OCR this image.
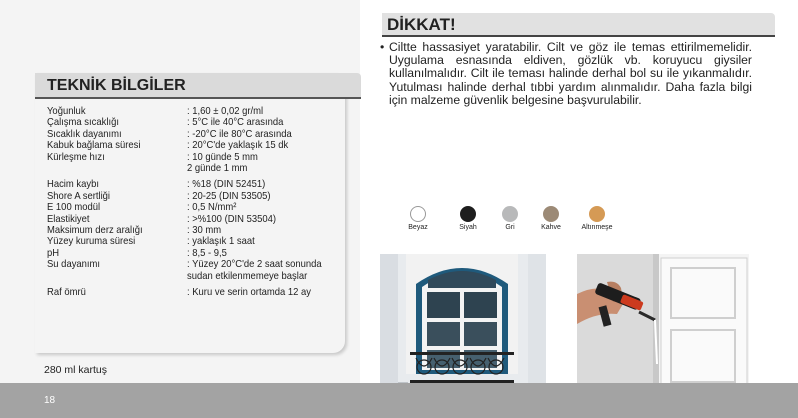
TEKNİK BİLGİLER
Yoğunluk	: 1,60 ± 0,02 gr/ml
Çalışma sıcaklığı	: 5°C ile 40°C arasında
Sıcaklık dayanımı	: -20°C ile 80°C arasında
Kabuk bağlama süresi	: 20°C'de yaklaşık 15 dk
Kürleşme hızı	: 10 günde 5 mm
2 günde 1 mm
Hacim kaybı	: %18 (DIN 52451)
Shore A sertliği	: 20-25 (DIN 53505)
E 100 modül	: 0,5 N/mm²
Elastikiyet	: >%100 (DIN 53504)
Maksimum derz aralığı	: 30 mm
Yüzey kuruma süresi	: yaklaşık 1 saat
pH	: 8,5 - 9,5
Su dayanımı	: Yüzey 20°C'de 2 saat sonunda
sudan etkilenmemeye başlar
Raf ömrü	: Kuru ve serin ortamda 12 ay
280 ml kartuş
DİKKAT!
• Ciltte hassasiyet yaratabilir. Cilt ve göz ile temas ettirilmemelidir. Uygulama esnasında eldiven, gözlük vb. koruyucu giysiler kullanılmalıdır. Cilt ile teması halinde derhal bol su ile yıkanmalıdır. Yutulması halinde derhal tıbbi yardım alınmalıdır. Daha fazla bilgi için malzeme güvenlik belgesine başvurulabilir.
Beyaz	Siyah	Gri	Kahve	Altınmeşe
18
